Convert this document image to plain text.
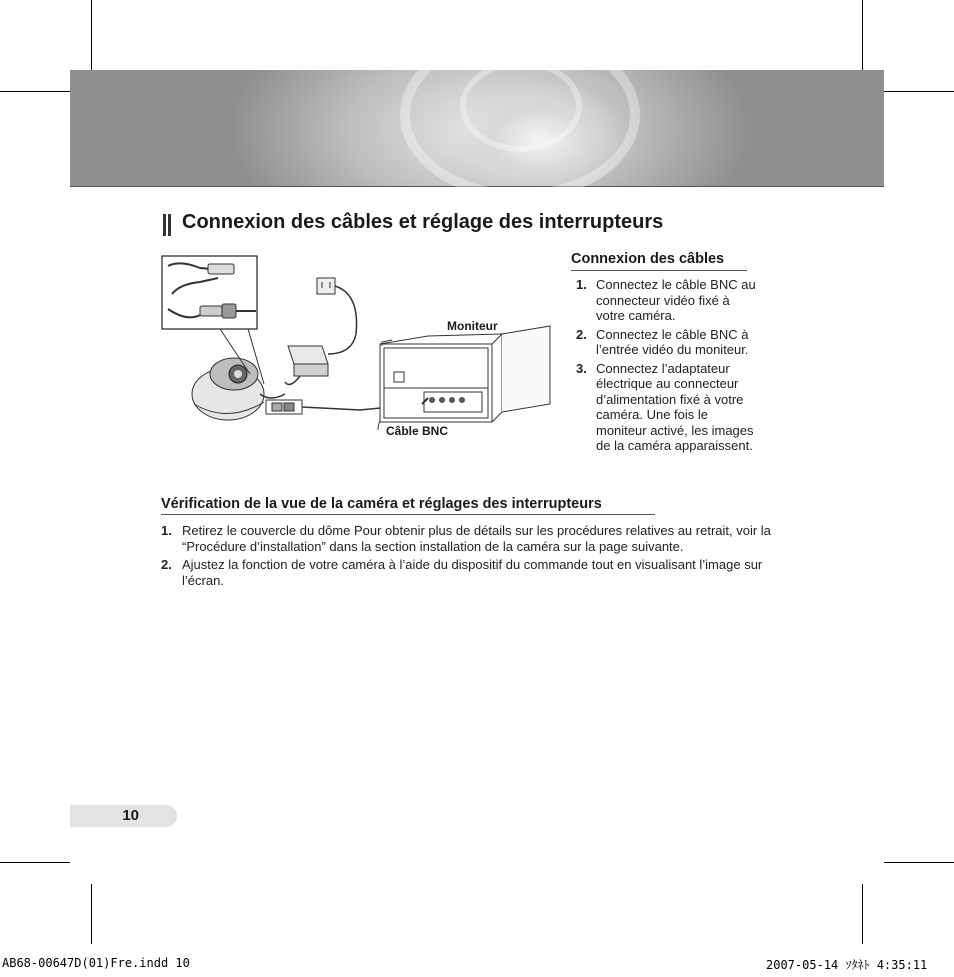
Connexion des câbles et réglage des interrupteurs
Moniteur
Câble BNC
Connexion des câbles
1. Connectez le câble BNC au connecteur vidéo fixé à votre caméra.
2. Connectez le câble BNC à l’entrée vidéo du moniteur.
3. Connectez l’adaptateur électrique au connecteur d’alimentation fixé à votre caméra. Une fois le moniteur activé, les images de la caméra apparaissent.
Vérification de la vue de la caméra et réglages des interrupteurs
1. Retirez le couvercle du dôme Pour obtenir plus de détails sur les procédures relatives au retrait, voir la “Procédure d’installation” dans la section installation de la caméra sur la page suivante.
2. Ajustez la fonction de votre caméra à l’aide du dispositif du commande tout en visualisant l’image sur l’écran.
10
AB68-00647D(01)Fre.indd 10	2007-05-14 ｿﾀﾈﾄ 4:35:11
